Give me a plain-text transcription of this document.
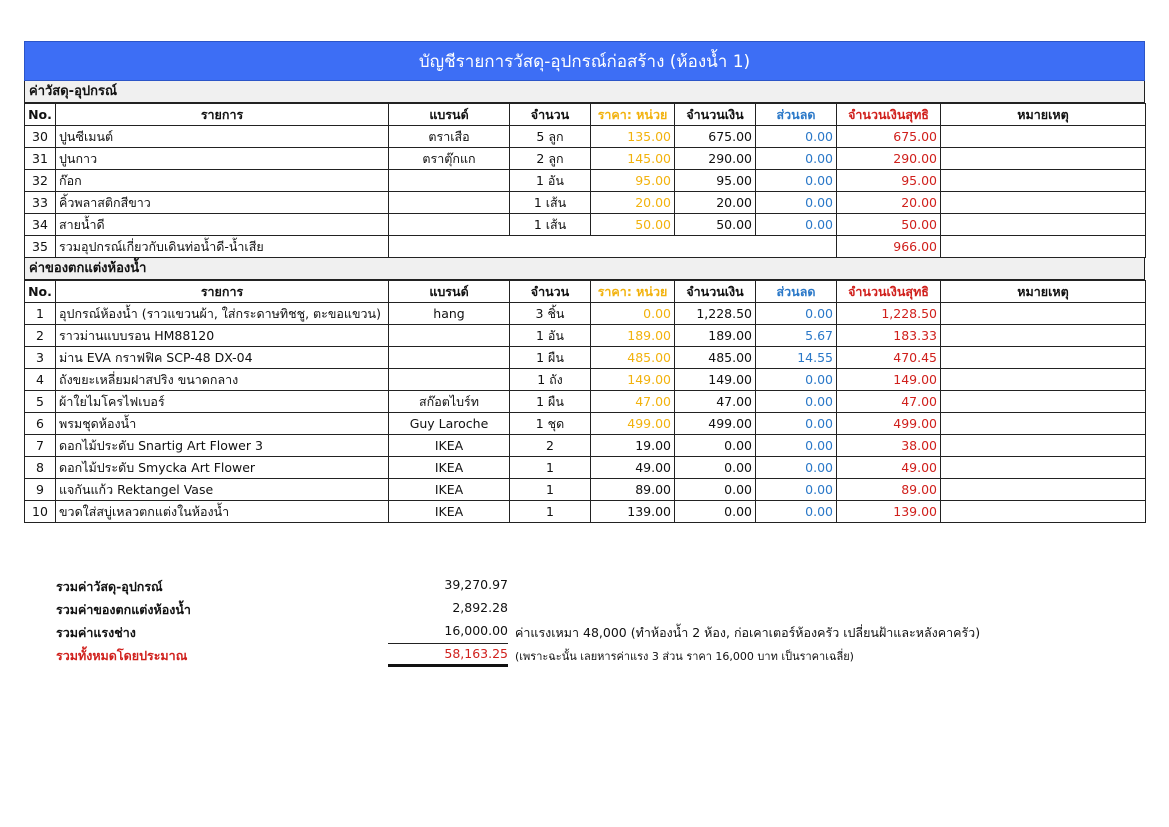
บัญชีรายการวัสดุ-อุปกรณ์ก่อสร้าง (ห้องน้ำ 1)
ค่าวัสดุ-อุปกรณ์
No.	รายการ	แบรนด์	จำนวน	ราคา: หน่วย	จำนวนเงิน	ส่วนลด	จำนวนเงินสุทธิ	หมายเหตุ
30	ปูนซีเมนต์	ตราเสือ	5 ลูก	135.00	675.00	0.00	675.00	
31	ปูนกาว	ตราตุ๊กแก	2 ลูก	145.00	290.00	0.00	290.00	
32	ก๊อก		1 อัน	95.00	95.00	0.00	95.00	
33	คิ้วพลาสติกสีขาว		1 เส้น	20.00	20.00	0.00	20.00	
34	สายน้ำดี		1 เส้น	50.00	50.00	0.00	50.00	
35	รวมอุปกรณ์เกี่ยวกับเดินท่อน้ำดี-น้ำเสีย						966.00	
ค่าของตกแต่งห้องน้ำ
No.	รายการ	แบรนด์	จำนวน	ราคา: หน่วย	จำนวนเงิน	ส่วนลด	จำนวนเงินสุทธิ	หมายเหตุ
1	อุปกรณ์ห้องน้ำ (ราวแขวนผ้า, ใส่กระดาษทิชชู, ตะขอแขวน)	hang	3 ชิ้น	0.00	1,228.50	0.00	1,228.50	
2	ราวม่านแบบรอน HM88120		1 อัน	189.00	189.00	5.67	183.33	
3	ม่าน EVA กราฟฟิค SCP-48 DX-04		1 ผืน	485.00	485.00	14.55	470.45	
4	ถังขยะเหลี่ยมฝาสปริง ขนาดกลาง		1 ถัง	149.00	149.00	0.00	149.00	
5	ผ้าใยไมโครไฟเบอร์	สก๊อตไบร์ท	1 ผืน	47.00	47.00	0.00	47.00	
6	พรมชุดห้องน้ำ	Guy Laroche	1 ชุด	499.00	499.00	0.00	499.00	
7	ดอกไม้ประดับ Snartig Art Flower 3	IKEA	2	19.00	0.00	0.00	38.00	
8	ดอกไม้ประดับ Smycka Art Flower	IKEA	1	49.00	0.00	0.00	49.00	
9	แจกันแก้ว Rektangel Vase	IKEA	1	89.00	0.00	0.00	89.00	
10	ขวดใส่สบู่เหลวตกแต่งในห้องน้ำ	IKEA	1	139.00	0.00	0.00	139.00	
รวมค่าวัสดุ-อุปกรณ์	39,270.97
รวมค่าของตกแต่งห้องน้ำ	2,892.28
รวมค่าแรงช่าง	16,000.00 ค่าแรงเหมา 48,000 (ทำห้องน้ำ 2 ห้อง, ก่อเคาเตอร์ห้องครัว เปลี่ยนฝ้าและหลังคาครัว)
รวมทั้งหมดโดยประมาณ	58,163.25 (เพราะฉะนั้น เลยหารค่าแรง 3 ส่วน ราคา 16,000 บาท เป็นราคาเฉลี่ย)
